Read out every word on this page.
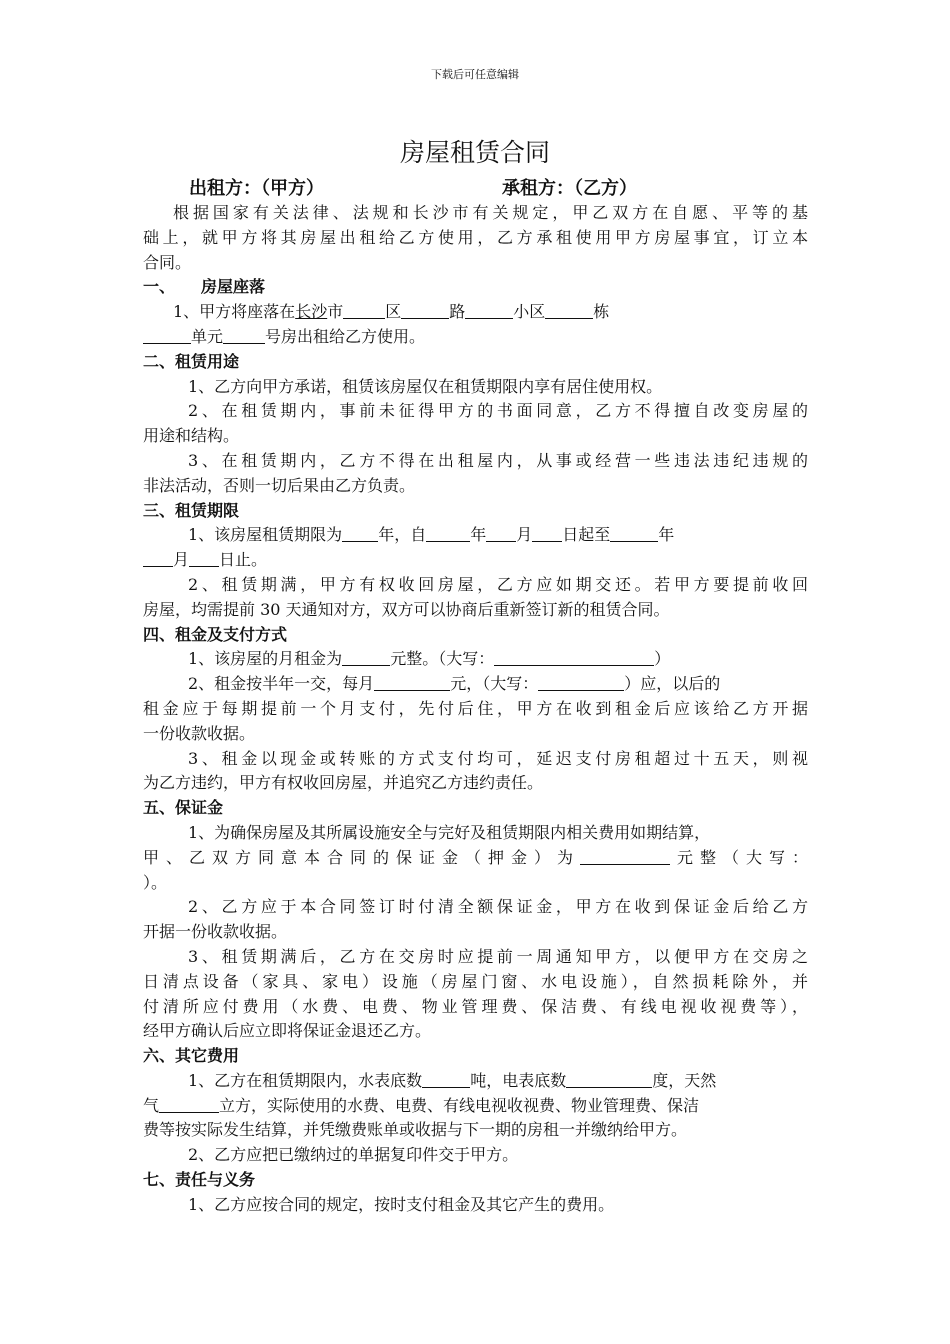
下载后可任意编辑
房屋租赁合同
出租方：（甲方）	承租方：（乙方）
根据国家有关法律、法规和长沙市有关规定，甲乙双方在自愿、平等的基
础上，就甲方将其房屋出租给乙方使用，乙方承租使用甲方房屋事宜，订立本
合同。
一、 房屋座落
1、甲方将座落在长沙市	区	路	小区	栋
单元	号房出租给乙方使用。
二、租赁用途
1、乙方向甲方承诺，租赁该房屋仅在租赁期限内享有居住使用权。
2、在租赁期内，事前未征得甲方的书面同意，乙方不得擅自改变房屋的
用途和结构。
3、在租赁期内，乙方不得在出租屋内，从事或经营一些违法违纪违规的
非法活动，否则一切后果由乙方负责。
三、租赁期限
1、该房屋租赁期限为 年，自	年 月 日起至	年
月 日止。
2、租赁期满，甲方有权收回房屋，乙方应如期交还。若甲方要提前收回
房屋，均需提前 30 天通知对方，双方可以协商后重新签订新的租赁合同。
四、租金及支付方式
1、该房屋的月租金为	元整。（大写：	）
2、租金按半年一交，每月	元，（大写：	）应，以后的
租金应于每期提前一个月支付，先付后住，甲方在收到租金后应该给乙方开据
一份收款收据。
3、租金以现金或转账的方式支付均可，延迟支付房租超过十五天，则视
为乙方违约，甲方有权收回房屋，并追究乙方违约责任。
五、保证金
1、为确保房屋及其所属设施安全与完好及租赁期限内相关费用如期结算，
甲、乙双方同意本合同的保证金（押金）为	元整（大写：
）。
2、乙方应于本合同签订时付清全额保证金，甲方在收到保证金后给乙方
开据一份收款收据。
3、租赁期满后，乙方在交房时应提前一周通知甲方，以便甲方在交房之
日清点设备（家具、家电）设施（房屋门窗、水电设施），自然损耗除外，并
付清所应付费用（水费、电费、物业管理费、保洁费、有线电视收视费等），
经甲方确认后应立即将保证金退还乙方。
六、其它费用
1、乙方在租赁期限内，水表底数	吨，电表底数	度，天然
气	立方，实际使用的水费、电费、有线电视收视费、物业管理费、保洁
费等按实际发生结算，并凭缴费账单或收据与下一期的房租一并缴纳给甲方。
2、乙方应把已缴纳过的单据复印件交于甲方。
七、责任与义务
1、乙方应按合同的规定，按时支付租金及其它产生的费用。
